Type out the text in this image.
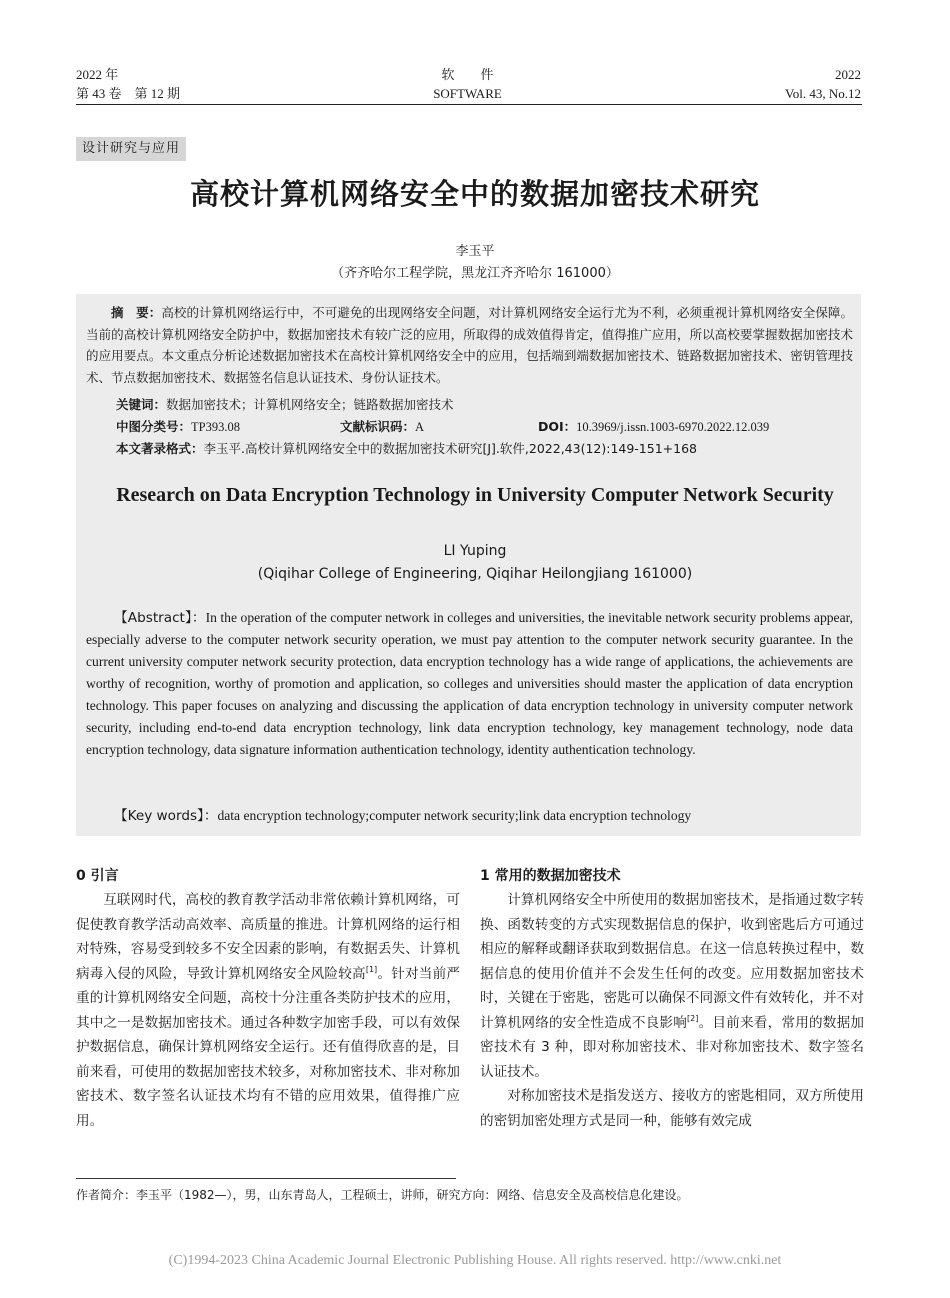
2022 年
第 43 卷　第 12 期
软　　件
SOFTWARE
2022
Vol. 43, No.12
设计研究与应用
高校计算机网络安全中的数据加密技术研究
李玉平
（齐齐哈尔工程学院，黑龙江齐齐哈尔 161000）
摘　要：高校的计算机网络运行中，不可避免的出现网络安全问题，对计算机网络安全运行尤为不利，必须重视计算机网络安全保障。当前的高校计算机网络安全防护中，数据加密技术有较广泛的应用，所取得的成效值得肯定，值得推广应用，所以高校要掌握数据加密技术的应用要点。本文重点分析论述数据加密技术在高校计算机网络安全中的应用，包括端到端数据加密技术、链路数据加密技术、密钥管理技术、节点数据加密技术、数据签名信息认证技术、身份认证技术。
关键词：数据加密技术；计算机网络安全；链路数据加密技术
中图分类号：TP393.08	文献标识码：A	DOI：10.3969/j.issn.1003-6970.2022.12.039
本文著录格式：李玉平.高校计算机网络安全中的数据加密技术研究[J].软件,2022,43(12):149-151+168
Research on Data Encryption Technology in University Computer Network Security
LI Yuping
(Qiqihar College of Engineering, Qiqihar Heilongjiang 161000)
【Abstract】：In the operation of the computer network in colleges and universities, the inevitable network security problems appear, especially adverse to the computer network security operation, we must pay attention to the computer network security guarantee. In the current university computer network security protection, data encryption technology has a wide range of applications, the achievements are worthy of recognition, worthy of promotion and application, so colleges and universities should master the application of data encryption technology. This paper focuses on analyzing and discussing the application of data encryption technology in university computer network security, including end-to-end data encryption technology, link data encryption technology, key management technology, node data encryption technology, data signature information authentication technology, identity authentication technology.
【Key words】：data encryption technology;computer network security;link data encryption technology
0 引言

互联网时代，高校的教育教学活动非常依赖计算机网络，可促使教育教学活动高效率、高质量的推进。计算机网络的运行相对特殊，容易受到较多不安全因素的影响，有数据丢失、计算机病毒入侵的风险，导致计算机网络安全风险较高[1]。针对当前严重的计算机网络安全问题，高校十分注重各类防护技术的应用，其中之一是数据加密技术。通过各种数字加密手段，可以有效保护数据信息，确保计算机网络安全运行。还有值得欣喜的是，目前来看，可使用的数据加密技术较多，对称加密技术、非对称加密技术、数字签名认证技术均有不错的应用效果，值得推广应用。

1 常用的数据加密技术

计算机网络安全中所使用的数据加密技术，是指通过数字转换、函数转变的方式实现数据信息的保护，收到密匙后方可通过相应的解释或翻译获取到数据信息。在这一信息转换过程中，数据信息的使用价值并不会发生任何的改变。应用数据加密技术时，关键在于密匙，密匙可以确保不同源文件有效转化，并不对计算机网络的安全性造成不良影响[2]。目前来看，常用的数据加密技术有 3 种，即对称加密技术、非对称加密技术、数字签名认证技术。

对称加密技术是指发送方、接收方的密匙相同，双方所使用的密钥加密处理方式是同一种，能够有效完成

作者简介：李玉平（1982—），男，山东青岛人，工程硕士，讲师，研究方向：网络、信息安全及高校信息化建设。
(C)1994-2023 China Academic Journal Electronic Publishing House. All rights reserved. http://www.cnki.net
